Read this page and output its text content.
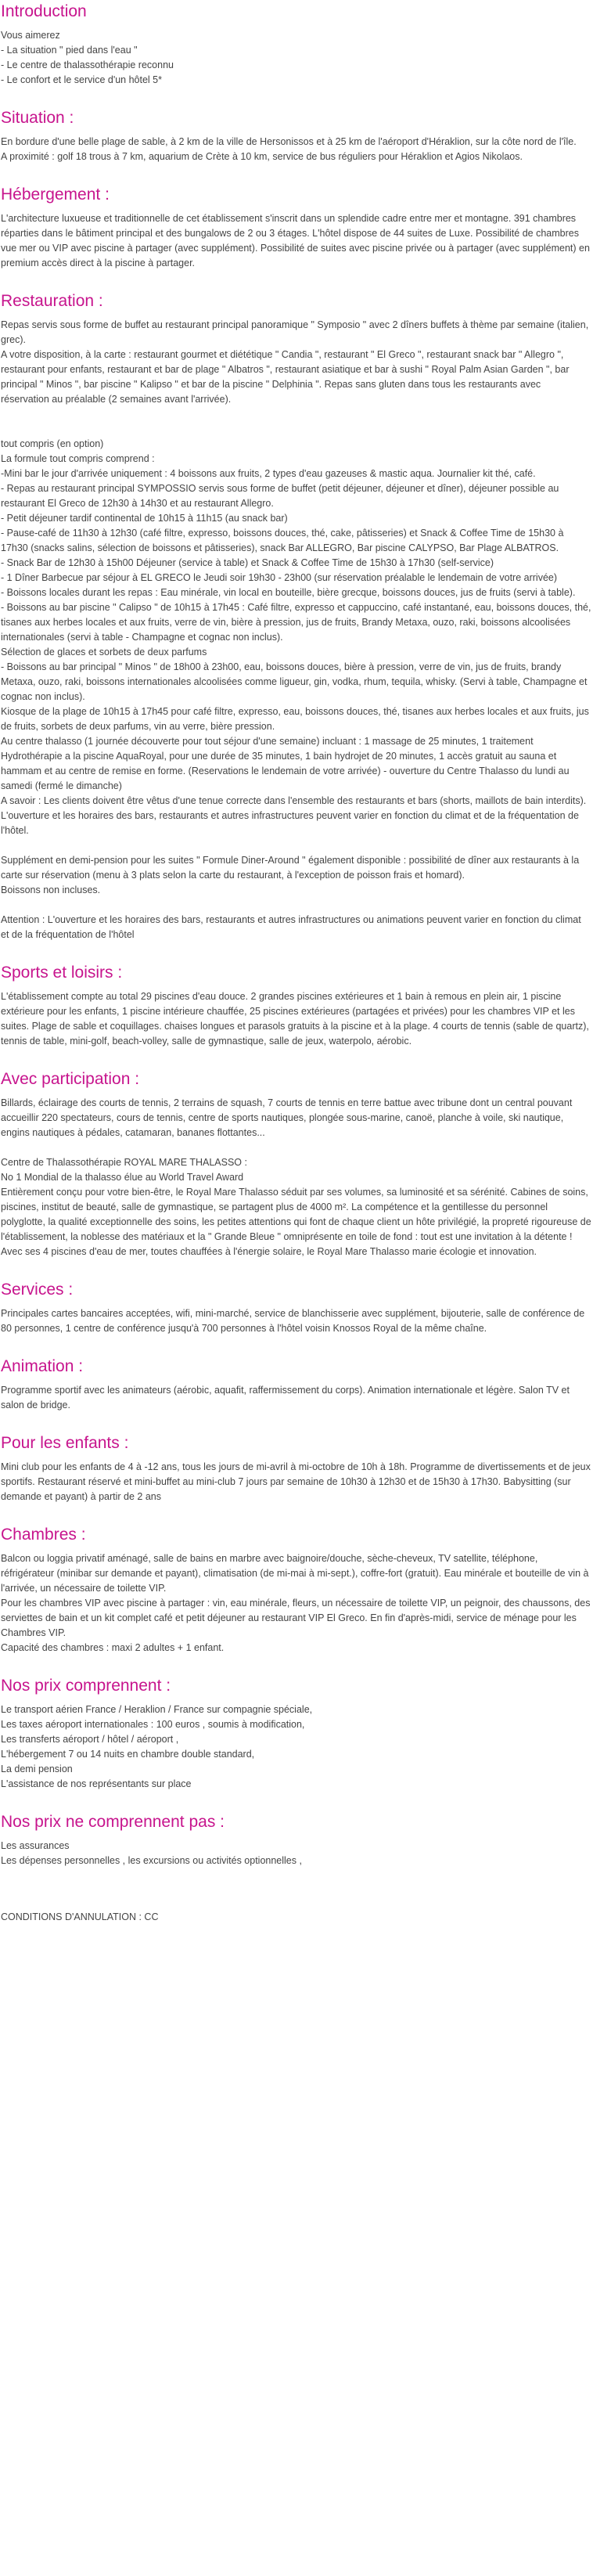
Introduction

Vous aimerez
- La situation " pied dans l'eau "
- Le centre de thalassothérapie reconnu
- Le confort et le service d'un hôtel 5*

Situation :

En bordure d'une belle plage de sable, à 2 km de la ville de Hersonissos et à 25 km de l'aéroport d'Héraklion, sur la côte nord de l'île.
A proximité : golf 18 trous à 7 km, aquarium de Crète à 10 km, service de bus réguliers pour Héraklion et Agios Nikolaos.

Hébergement :

L'architecture luxueuse et traditionnelle de cet établissement s'inscrit dans un splendide cadre entre mer et montagne. 391 chambres réparties dans le bâtiment principal et des bungalows de 2 ou 3 étages. L'hôtel dispose de 44 suites de Luxe. Possibilité de chambres vue mer ou VIP avec piscine à partager (avec supplément). Possibilité de suites avec piscine privée ou à partager (avec supplément) en premium accès direct à la piscine à partager.

Restauration :

Repas servis sous forme de buffet au restaurant principal panoramique " Symposio " avec 2 dîners buffets à thème par semaine (italien, grec).
A votre disposition, à la carte : restaurant gourmet et diététique " Candia ", restaurant " El Greco ", restaurant snack bar " Allegro ", restaurant pour enfants, restaurant et bar de plage " Albatros ", restaurant asiatique et bar à sushi " Royal Palm Asian Garden ", bar principal " Minos ", bar piscine " Kalipso " et bar de la piscine " Delphinia ". Repas sans gluten dans tous les restaurants avec réservation au préalable (2 semaines avant l'arrivée).

tout compris (en option)
La formule tout compris comprend :
-Mini bar le jour d'arrivée uniquement : 4 boissons aux fruits, 2 types d'eau gazeuses & mastic aqua. Journalier kit thé, café.
- Repas au restaurant principal SYMPOSSIO servis sous forme de buffet (petit déjeuner, déjeuner et dîner), déjeuner possible au restaurant El Greco de 12h30 à 14h30 et au restaurant Allegro.
- Petit déjeuner tardif continental de 10h15 à 11h15 (au snack bar)
- Pause-café de 11h30 à 12h30 (café filtre, expresso, boissons douces, thé, cake, pâtisseries) et Snack & Coffee Time de 15h30 à 17h30 (snacks salins, sélection de boissons et pâtisseries), snack Bar ALLEGRO, Bar piscine CALYPSO, Bar Plage ALBATROS.
- Snack Bar de 12h30 à 15h00 Déjeuner (service à table) et Snack & Coffee Time de 15h30 à 17h30 (self-service)
- 1 Dîner Barbecue par séjour à EL GRECO le Jeudi soir 19h30 - 23h00 (sur réservation préalable le lendemain de votre arrivée)
- Boissons locales durant les repas : Eau minérale, vin local en bouteille, bière grecque, boissons douces, jus de fruits (servi à table).
- Boissons au bar piscine " Calipso " de 10h15 à 17h45 : Café filtre, expresso et cappuccino, café instantané, eau, boissons douces, thé, tisanes aux herbes locales et aux fruits, verre de vin, bière à pression, jus de fruits, Brandy Metaxa, ouzo, raki, boissons alcoolisées internationales (servi à table - Champagne et cognac non inclus).
Sélection de glaces et sorbets de deux parfums
- Boissons au bar principal " Minos " de 18h00 à 23h00, eau, boissons douces, bière à pression, verre de vin, jus de fruits, brandy Metaxa, ouzo, raki, boissons internationales alcoolisées comme ligueur, gin, vodka, rhum, tequila, whisky. (Servi à table, Champagne et cognac non inclus).
Kiosque de la plage de 10h15 à 17h45 pour café filtre, expresso, eau, boissons douces, thé, tisanes aux herbes locales et aux fruits, jus de fruits, sorbets de deux parfums, vin au verre, bière pression.
Au centre thalasso (1 journée découverte pour tout séjour d'une semaine) incluant : 1 massage de 25 minutes, 1 traitement Hydrothérapie a la piscine AquaRoyal, pour une durée de 35 minutes, 1 bain hydrojet de 20 minutes, 1 accès gratuit au sauna et hammam et au centre de remise en forme. (Reservations le lendemain de votre arrivée) - ouverture du Centre Thalasso du lundi au samedi (fermé le dimanche)
A savoir : Les clients doivent être vêtus d'une tenue correcte dans l'ensemble des restaurants et bars (shorts, maillots de bain interdits). L'ouverture et les horaires des bars, restaurants et autres infrastructures peuvent varier en fonction du climat et de la fréquentation de l'hôtel.

Supplément en demi-pension pour les suites " Formule Diner-Around " également disponible : possibilité de dîner aux restaurants à la carte sur réservation (menu à 3 plats selon la carte du restaurant, à l'exception de poisson frais et homard).
Boissons non incluses.

Attention : L'ouverture et les horaires des bars, restaurants et autres infrastructures ou animations peuvent varier en fonction du climat et de la fréquentation de l'hôtel

Sports et loisirs :

L'établissement compte au total 29 piscines d'eau douce. 2 grandes piscines extérieures et 1 bain à remous en plein air, 1 piscine extérieure pour les enfants, 1 piscine intérieure chauffée, 25 piscines extérieures (partagées et privées) pour les chambres VIP et les suites. Plage de sable et coquillages. chaises longues et parasols gratuits à la piscine et à la plage. 4 courts de tennis (sable de quartz), tennis de table, mini-golf, beach-volley, salle de gymnastique, salle de jeux, waterpolo, aérobic.

Avec participation :

Billards, éclairage des courts de tennis, 2 terrains de squash, 7 courts de tennis en terre battue avec tribune dont un central pouvant accueillir 220 spectateurs, cours de tennis, centre de sports nautiques, plongée sous-marine, canoë, planche à voile, ski nautique, engins nautiques à pédales, catamaran, bananes flottantes...

Centre de Thalassothérapie ROYAL MARE THALASSO :
No 1 Mondial de la thalasso élue au World Travel Award
Entièrement conçu pour votre bien-être, le Royal Mare Thalasso séduit par ses volumes, sa luminosité et sa sérénité. Cabines de soins, piscines, institut de beauté, salle de gymnastique, se partagent plus de 4000 m². La compétence et la gentillesse du personnel polyglotte, la qualité exceptionnelle des soins, les petites attentions qui font de chaque client un hôte privilégié, la propreté rigoureuse de l'établissement, la noblesse des matériaux et la " Grande Bleue " omniprésente en toile de fond : tout est une invitation à la détente !
Avec ses 4 piscines d'eau de mer, toutes chauffées à l'énergie solaire, le Royal Mare Thalasso marie écologie et innovation.

Services :

Principales cartes bancaires acceptées, wifi, mini-marché, service de blanchisserie avec supplément, bijouterie, salle de conférence de 80 personnes, 1 centre de conférence jusqu'à 700 personnes à l'hôtel voisin Knossos Royal de la même chaîne.

Animation :

Programme sportif avec les animateurs (aérobic, aquafit, raffermissement du corps). Animation internationale et légère. Salon TV et salon de bridge.

Pour les enfants :

Mini club pour les enfants de 4 à -12 ans, tous les jours de mi-avril à mi-octobre de 10h à 18h. Programme de divertissements et de jeux sportifs. Restaurant réservé et mini-buffet au mini-club 7 jours par semaine de 10h30 à 12h30 et de 15h30 à 17h30. Babysitting (sur demande et payant) à partir de 2 ans

Chambres :

Balcon ou loggia privatif aménagé, salle de bains en marbre avec baignoire/douche, sèche-cheveux, TV satellite, téléphone, réfrigérateur (minibar sur demande et payant), climatisation (de mi-mai à mi-sept.), coffre-fort (gratuit). Eau minérale et bouteille de vin à l'arrivée, un nécessaire de toilette VIP.
Pour les chambres VIP avec piscine à partager : vin, eau minérale, fleurs, un nécessaire de toilette VIP, un peignoir, des chaussons, des serviettes de bain et un kit complet café et petit déjeuner au restaurant VIP El Greco. En fin d'après-midi, service de ménage pour les Chambres VIP.
Capacité des chambres : maxi 2 adultes + 1 enfant.

Nos prix comprennent :

Le transport aérien France / Heraklion / France sur compagnie spéciale,
Les taxes aéroport internationales : 100 euros , soumis à modification,
Les transferts aéroport / hôtel / aéroport ,
L'hébergement 7 ou 14 nuits en chambre double standard,
La demi pension
L'assistance de nos représentants sur place

Nos prix ne comprennent pas :

Les assurances
Les dépenses personnelles , les excursions ou activités optionnelles ,

CONDITIONS D'ANNULATION : CC
